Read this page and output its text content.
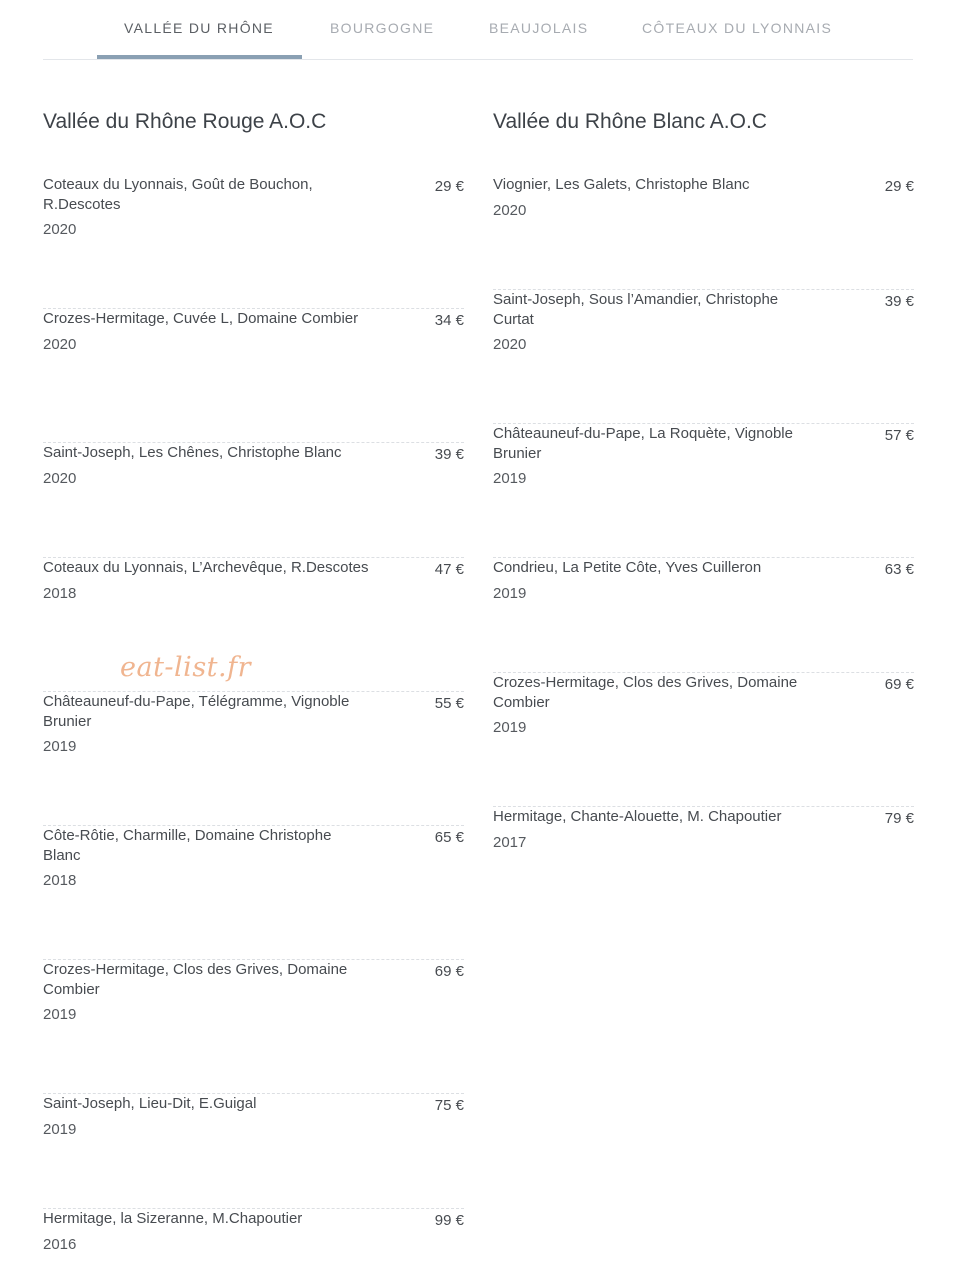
VALLÉE DU RHÔNE	BOURGOGNE	BEAUJOLAIS	CÔTEAUX DU LYONNAIS
Vallée du Rhône Rouge A.O.C
Coteaux du Lyonnais, Goût de Bouchon, R.Descotes
2020
29 €
Crozes-Hermitage, Cuvée L, Domaine Combier
2020
34 €
Saint-Joseph, Les Chênes, Christophe Blanc
2020
39 €
Coteaux du Lyonnais, L’Archevêque, R.Descotes
2018
47 €
Châteauneuf-du-Pape, Télégramme, Vignoble Brunier
2019
55 €
Côte-Rôtie, Charmille, Domaine Christophe Blanc
2018
65 €
Crozes-Hermitage, Clos des Grives, Domaine Combier
2019
69 €
Saint-Joseph, Lieu-Dit, E.Guigal
2019
75 €
Hermitage, la Sizeranne, M.Chapoutier
2016
99 €
Vallée du Rhône Blanc A.O.C
Viognier, Les Galets, Christophe Blanc
2020
29 €
Saint-Joseph, Sous l’Amandier, Christophe Curtat
2020
39 €
Châteauneuf-du-Pape, La Roquète, Vignoble Brunier
2019
57 €
Condrieu, La Petite Côte, Yves Cuilleron
2019
63 €
Crozes-Hermitage, Clos des Grives, Domaine Combier
2019
69 €
Hermitage, Chante-Alouette, M. Chapoutier
2017
79 €
eat-list.fr
